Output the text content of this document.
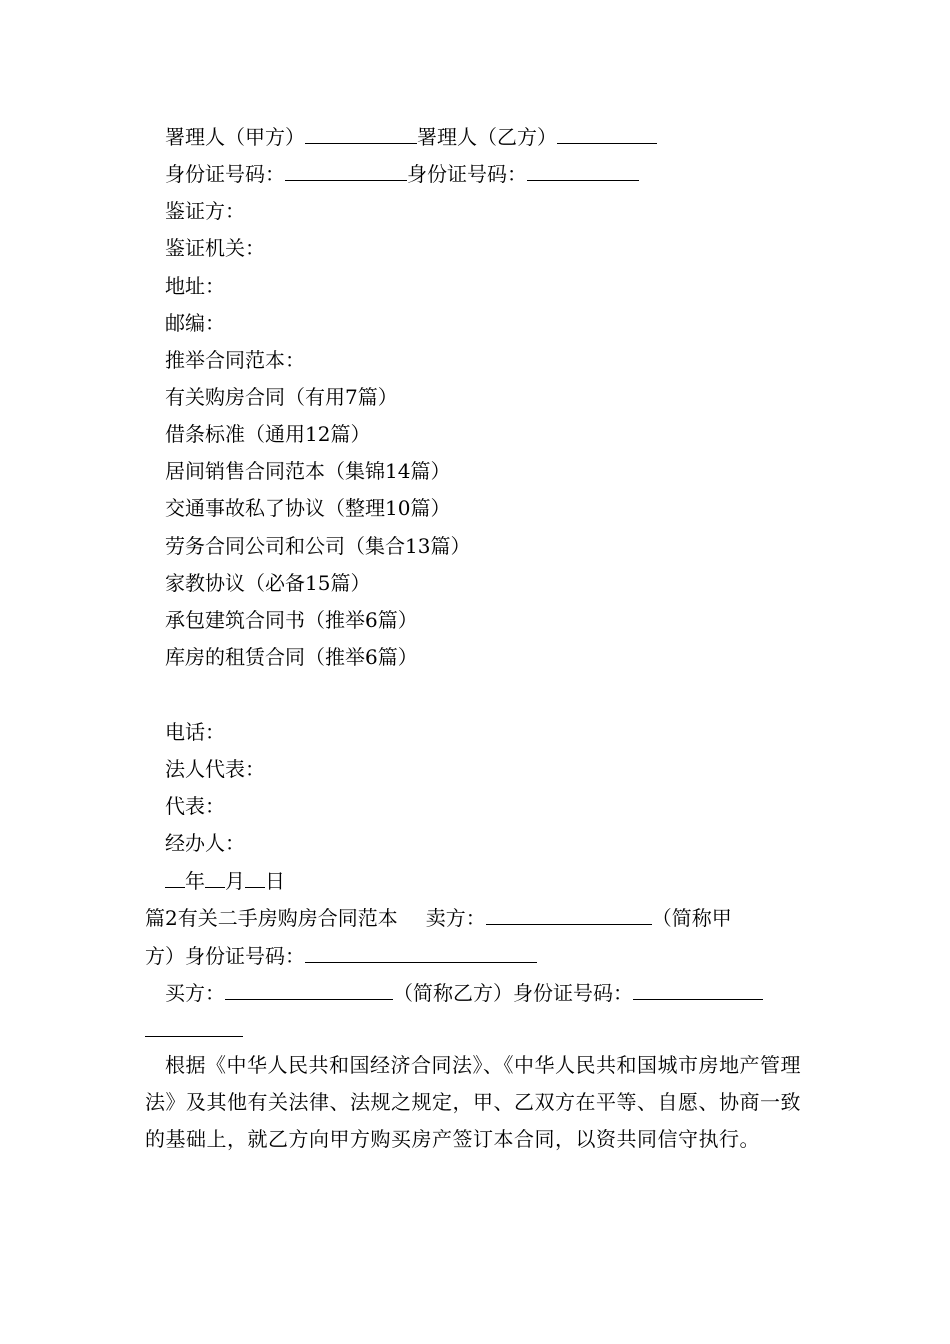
署理人（甲方）	署理人（乙方）
身份证号码：	身份证号码：
鉴证方：
鉴证机关：
地址：
邮编：
推举合同范本：
有关购房合同（有用7篇）
借条标准（通用12篇）
居间销售合同范本（集锦14篇）
交通事故私了协议（整理10篇）
劳务合同公司和公司（集合13篇）
家教协议（必备15篇）
承包建筑合同书（推举6篇）
库房的租赁合同（推举6篇）
电话：
法人代表：
代表：
经办人：
年 月 日
篇2有关二手房购房合同范本 卖方：	（简称甲
方）身份证号码：
买方：	（简称乙方）身份证号码：
根据《中华人民共和国经济合同法》、《中华人民共和国城市房地产管理法》及其他有关法律、法规之规定，甲、乙双方在平等、自愿、协商一致的基础上，就乙方向甲方购买房产签订本合同，以资共同信守执行。
